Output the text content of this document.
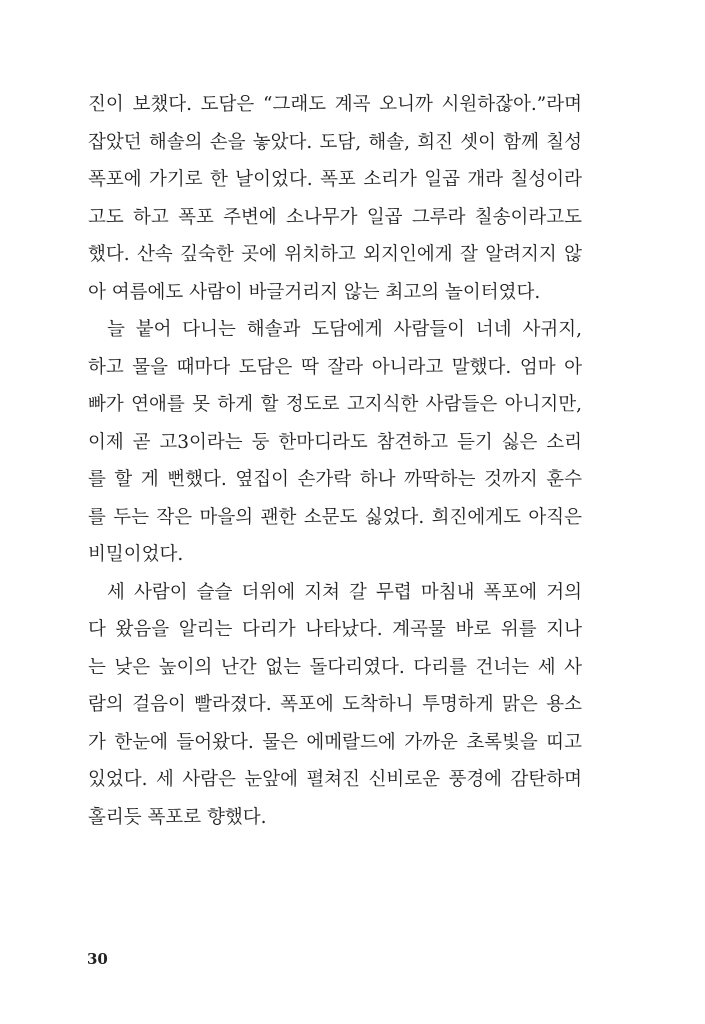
진이 보챘다. 도담은 “그래도 계곡 오니까 시원하잖아.”라며
잡았던 해솔의 손을 놓았다. 도담, 해솔, 희진 셋이 함께 칠성
폭포에 가기로 한 날이었다. 폭포 소리가 일곱 개라 칠성이라
고도 하고 폭포 주변에 소나무가 일곱 그루라 칠송이라고도
했다. 산속 깊숙한 곳에 위치하고 외지인에게 잘 알려지지 않
아 여름에도 사람이 바글거리지 않는 최고의 놀이터였다.
늘 붙어 다니는 해솔과 도담에게 사람들이 너네 사귀지,
하고 물을 때마다 도담은 딱 잘라 아니라고 말했다. 엄마 아
빠가 연애를 못 하게 할 정도로 고지식한 사람들은 아니지만,
이제 곧 고3이라는 둥 한마디라도 참견하고 듣기 싫은 소리
를 할 게 뻔했다. 옆집이 손가락 하나 까딱하는 것까지 훈수
를 두는 작은 마을의 괜한 소문도 싫었다. 희진에게도 아직은
비밀이었다.
세 사람이 슬슬 더위에 지쳐 갈 무렵 마침내 폭포에 거의
다 왔음을 알리는 다리가 나타났다. 계곡물 바로 위를 지나
는 낮은 높이의 난간 없는 돌다리였다. 다리를 건너는 세 사
람의 걸음이 빨라졌다. 폭포에 도착하니 투명하게 맑은 용소
가 한눈에 들어왔다. 물은 에메랄드에 가까운 초록빛을 띠고
있었다. 세 사람은 눈앞에 펼쳐진 신비로운 풍경에 감탄하며
홀리듯 폭포로 향했다.
30
